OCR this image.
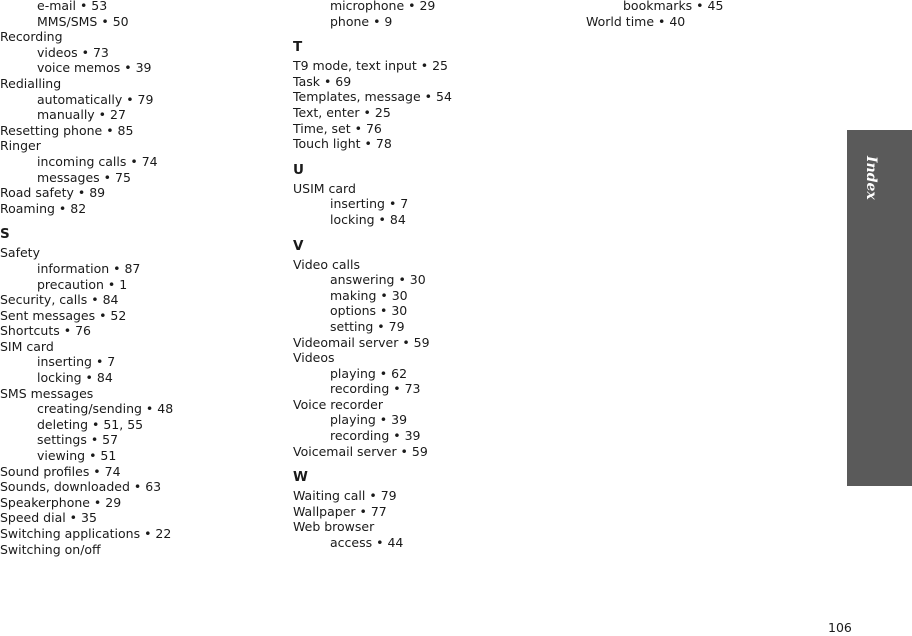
e-mail • 53
MMS/SMS • 50
Recording
videos • 73
voice memos • 39
Redialling
automatically • 79
manually • 27
Resetting phone • 85
Ringer
incoming calls • 74
messages • 75
Road safety • 89
Roaming • 82
S
Safety
information • 87
precaution • 1
Security, calls • 84
Sent messages • 52
Shortcuts • 76
SIM card
inserting • 7
locking • 84
SMS messages
creating/sending • 48
deleting • 51, 55
settings • 57
viewing • 51
Sound profiles • 74
Sounds, downloaded • 63
Speakerphone • 29
Speed dial • 35
Switching applications • 22
Switching on/off
microphone • 29
phone • 9
T
T9 mode, text input • 25
Task • 69
Templates, message • 54
Text, enter • 25
Time, set • 76
Touch light • 78
U
USIM card
inserting • 7
locking • 84
V
Video calls
answering • 30
making • 30
options • 30
setting • 79
Videomail server • 59
Videos
playing • 62
recording • 73
Voice recorder
playing • 39
recording • 39
Voicemail server • 59
W
Waiting call • 79
Wallpaper • 77
Web browser
access • 44
bookmarks • 45
World time • 40
Index
106
